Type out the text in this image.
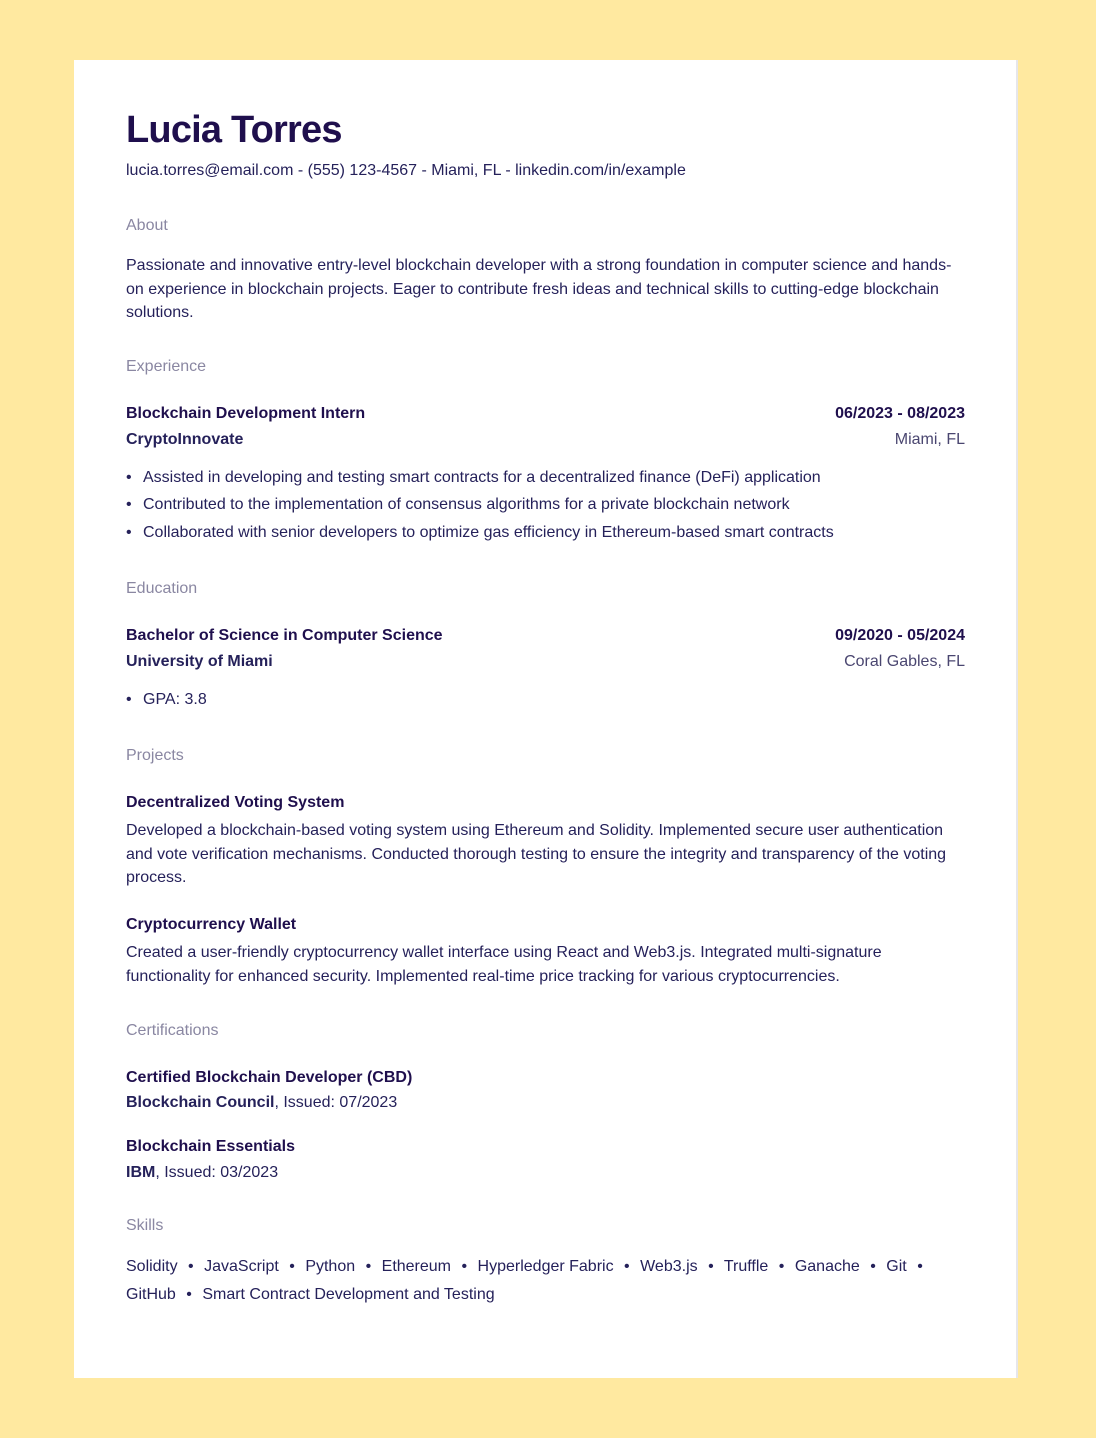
Lucia Torres
lucia.torres@email.com - (555) 123-4567 - Miami, FL - linkedin.com/in/example
About

Passionate and innovative entry-level blockchain developer with a strong foundation in computer science and hands-on experience in blockchain projects. Eager to contribute fresh ideas and technical skills to cutting-edge blockchain solutions.

Experience
Blockchain Development Intern	06/2023 - 08/2023
CryptoInnovate	Miami, FL
• Assisted in developing and testing smart contracts for a decentralized finance (DeFi) application
• Contributed to the implementation of consensus algorithms for a private blockchain network
• Collaborated with senior developers to optimize gas efficiency in Ethereum-based smart contracts
Education
Bachelor of Science in Computer Science	09/2020 - 05/2024
University of Miami	Coral Gables, FL
• GPA: 3.8
Projects
Decentralized Voting System

Developed a blockchain-based voting system using Ethereum and Solidity. Implemented secure user authentication and vote verification mechanisms. Conducted thorough testing to ensure the integrity and transparency of the voting process.

Cryptocurrency Wallet

Created a user-friendly cryptocurrency wallet interface using React and Web3.js. Integrated multi-signature functionality for enhanced security. Implemented real-time price tracking for various cryptocurrencies.

Certifications
Certified Blockchain Developer (CBD)
Blockchain Council, Issued: 07/2023
Blockchain Essentials
IBM, Issued: 03/2023
Skills

Solidity • JavaScript • Python • Ethereum • Hyperledger Fabric • Web3.js • Truffle • Ganache • Git • GitHub • Smart Contract Development and Testing
